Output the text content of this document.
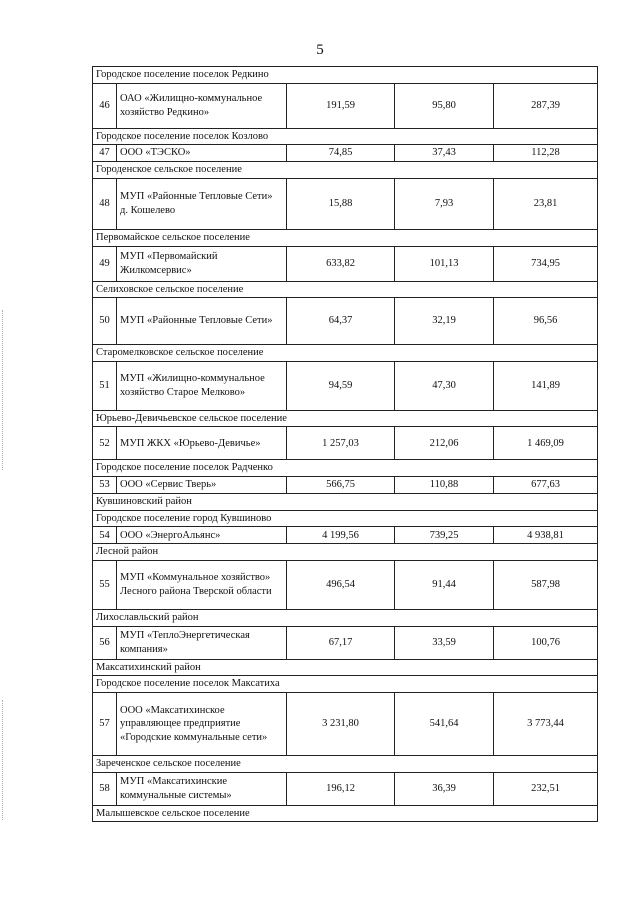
5
Городское поселение поселок Редкино				
46	ОАО «Жилищно-коммунальное хозяйство Редкино»	191,59	95,80	287,39
Городское поселение поселок Козлово				
47	ООО «ТЭСКО»	74,85	37,43	112,28
Городенское сельское поселение				
48	МУП «Районные Тепловые Сети» д. Кошелево	15,88	7,93	23,81
Первомайское сельское поселение				
49	МУП «Первомайский Жилкомсервис»	633,82	101,13	734,95
Селиховское сельское поселение				
50	МУП «Районные Тепловые Сети»	64,37	32,19	96,56
Старомелковское сельское поселение				
51	МУП «Жилищно-коммунальное хозяйство Старое Мелково»	94,59	47,30	141,89
Юрьево-Девичьевское сельское поселение				
52	МУП ЖКХ «Юрьево-Девичье»	1 257,03	212,06	1 469,09
Городское поселение поселок Радченко				
53	ООО «Сервис Тверь»	566,75	110,88	677,63
Кувшиновский район				
Городское поселение город Кувшиново				
54	ООО «ЭнергоАльянс»	4 199,56	739,25	4 938,81
Лесной район				
55	МУП «Коммунальное хозяйство» Лесного района Тверской области	496,54	91,44	587,98
Лихославльский район				
56	МУП «ТеплоЭнергетическая компания»	67,17	33,59	100,76
Максатихинский район				
Городское поселение поселок Максатиха				
57	ООО «Максатихинское управляющее предприятие «Городские коммунальные сети»	3 231,80	541,64	3 773,44
Зареченское сельское поселение				
58	МУП «Максатихинские коммунальные системы»	196,12	36,39	232,51
Малышевское сельское поселение				
